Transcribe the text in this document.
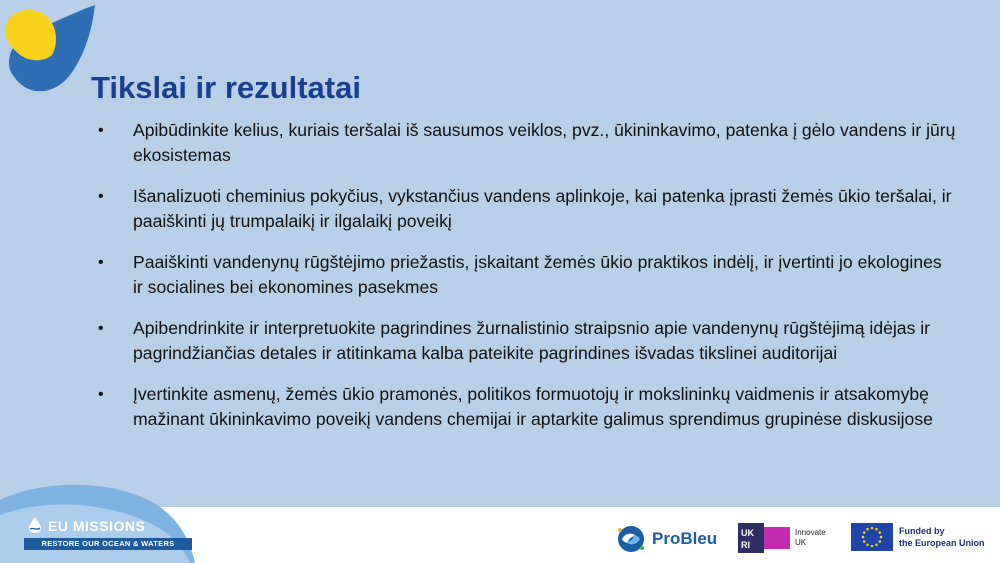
Tikslai ir rezultatai
• Apibūdinkite kelius, kuriais teršalai iš sausumos veiklos, pvz., ūkininkavimo, patenka į gėlo vandens ir jūrų ekosistemas
• Išanalizuoti cheminius pokyčius, vykstančius vandens aplinkoje, kai patenka įprasti žemės ūkio teršalai, ir paaiškinti jų trumpalaikį ir ilgalaikį poveikį
• Paaiškinti vandenynų rūgštėjimo priežastis, įskaitant žemės ūkio praktikos indėlį, ir įvertinti jo ekologines ir socialines bei ekonomines pasekmes
• Apibendrinkite ir interpretuokite pagrindines žurnalistinio straipsnio apie vandenynų rūgštėjimą idėjas ir pagrindžiančias detales ir atitinkama kalba pateikite pagrindines išvadas tikslinei auditorijai
• Įvertinkite asmenų, žemės ūkio pramonės, politikos formuotojų ir mokslininkų vaidmenis ir atsakomybę mažinant ūkininkavimo poveikį vandens chemijai ir aptarkite galimus sprendimus grupinėse diskusijose
EU MISSIONS
RESTORE OUR OCEAN & WATERS	ProBleu	UK
RI
Innovate
UK
Funded by
the European Union
